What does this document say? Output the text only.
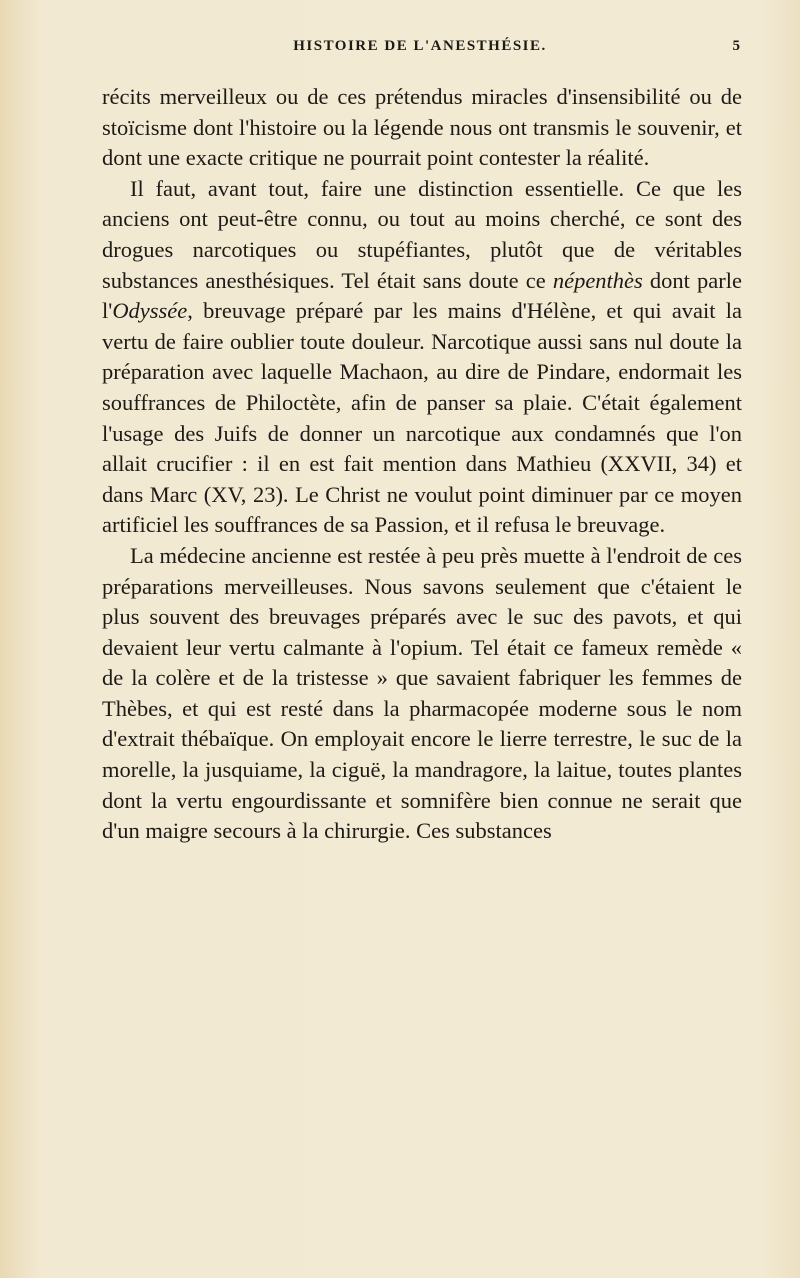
HISTOIRE DE L'ANESTHÉSIE.	5

récits merveilleux ou de ces prétendus miracles d'insensibilité ou de stoïcisme dont l'histoire ou la légende nous ont transmis le souvenir, et dont une exacte critique ne pourrait point contester la réalité.

Il faut, avant tout, faire une distinction essentielle. Ce que les anciens ont peut-être connu, ou tout au moins cherché, ce sont des drogues narcotiques ou stupéfiantes, plutôt que de véritables substances anesthésiques. Tel était sans doute ce népenthès dont parle l'Odyssée, breuvage préparé par les mains d'Hélène, et qui avait la vertu de faire oublier toute douleur. Narcotique aussi sans nul doute la préparation avec laquelle Machaon, au dire de Pindare, endormait les souffrances de Philoctète, afin de panser sa plaie. C'était également l'usage des Juifs de donner un narcotique aux condamnés que l'on allait crucifier : il en est fait mention dans Mathieu (XXVII, 34) et dans Marc (XV, 23). Le Christ ne voulut point diminuer par ce moyen artificiel les souffrances de sa Passion, et il refusa le breuvage.

La médecine ancienne est restée à peu près muette à l'endroit de ces préparations merveilleuses. Nous savons seulement que c'étaient le plus souvent des breuvages préparés avec le suc des pavots, et qui devaient leur vertu calmante à l'opium. Tel était ce fameux remède « de la colère et de la tristesse » que savaient fabriquer les femmes de Thèbes, et qui est resté dans la pharmacopée moderne sous le nom d'extrait thébaïque. On employait encore le lierre terrestre, le suc de la morelle, la jusquiame, la ciguë, la mandragore, la laitue, toutes plantes dont la vertu engourdissante et somnifère bien connue ne serait que d'un maigre secours à la chirurgie. Ces substances
